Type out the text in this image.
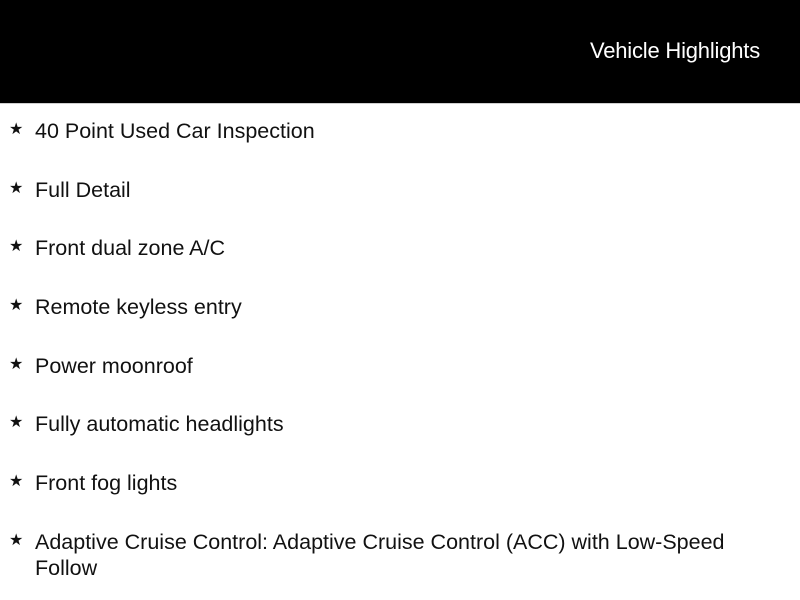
Vehicle Highlights
★ 40 Point Used Car Inspection
★ Full Detail
★ Front dual zone A/C
★ Remote keyless entry
★ Power moonroof
★ Fully automatic headlights
★ Front fog lights
★ Adaptive Cruise Control: Adaptive Cruise Control (ACC) with Low-Speed Follow
